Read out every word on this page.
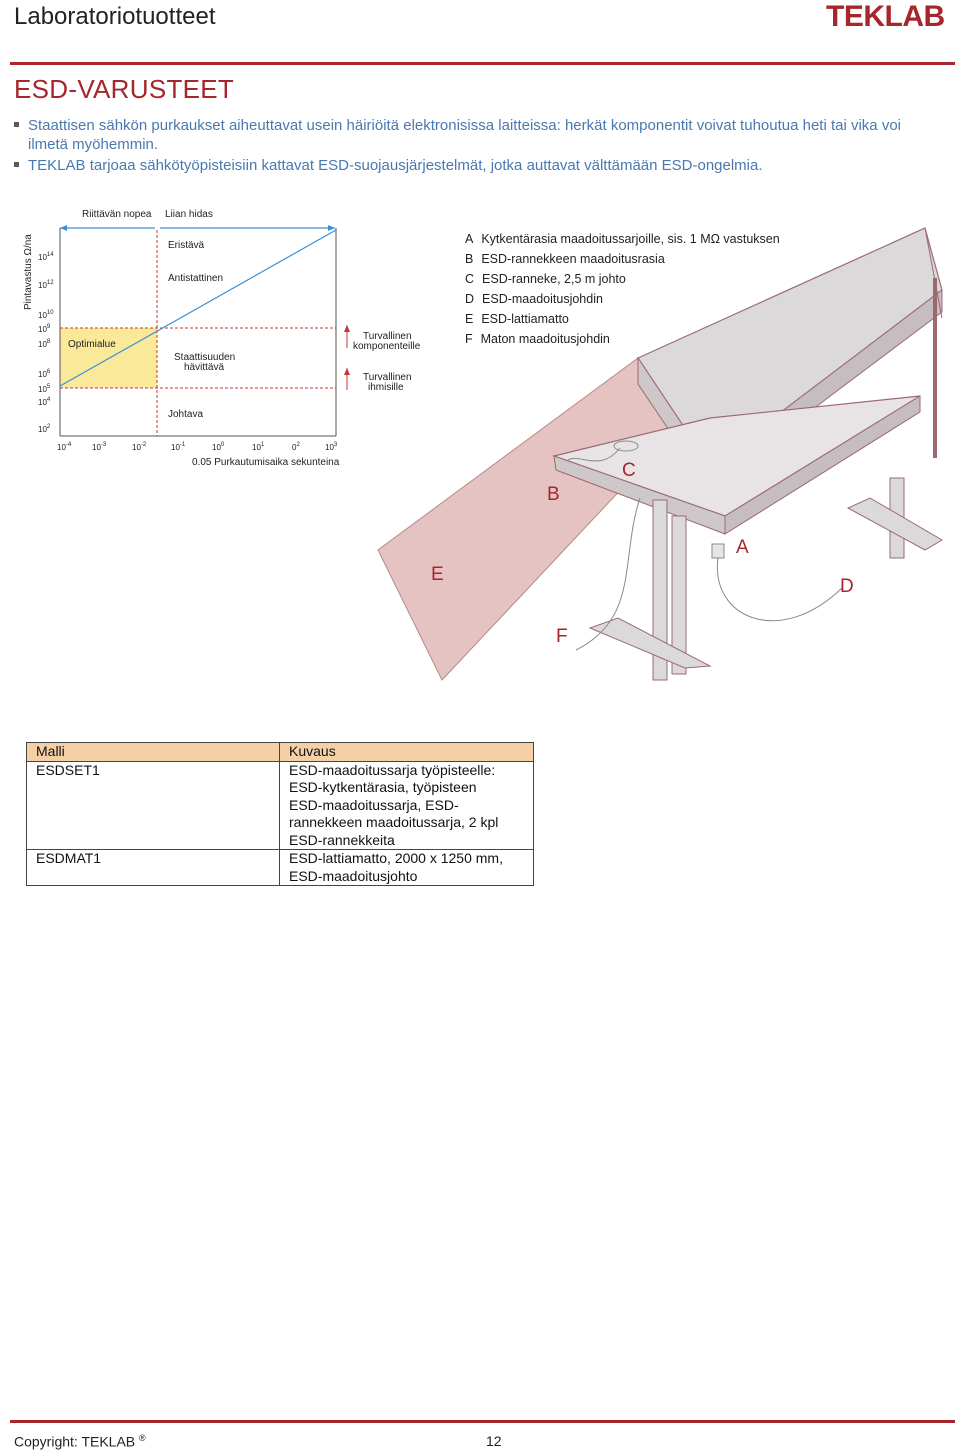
Laboratoriotuotteet	TEKLAB
ESD-VARUSTEET
Staattisen sähkön purkaukset aiheuttavat usein häiriöitä elektronisissa laitteissa: herkät komponentit voivat tuhoutua heti tai vika voi ilmetä myöhemmin.
TEKLAB tarjoaa sähkötyöpisteisiin kattavat ESD-suojausjärjestelmät, jotka auttavat välttämään ESD-ongelmia.
Riittävän nopea Liian hidas
Optimialue
Eristävä
Antistattinen
Staattisuuden
hävittävä
Johtava
Pintavastus Ω/na $10^{14}$
$10^{12}$
$10^{10}$
$10^9$
$10^8$
$10^6$
$10^5$
$10^4$
$10^2$
$10^{-4}$	$10^{-3}$	$10^{-2}$	$10^{-1}$	$10^0$	$10^1$	$0^2$	$10^3$
0.05 Purkautumisaika sekunteina
Turvallinen
komponenteille
Turvallinen
ihmisille
A Kytkentärasia maadoitussarjoille, sis. 1 MΩ vastuksen
B ESD-rannekkeen maadoitusrasia
C ESD-ranneke, 2,5 m johto
D ESD-maadoitusjohdin
E ESD-lattiamatto
F Maton maadoitusjohdin
A
B
C
D
E
F
Malli	Kuvaus
ESDSET1	ESD-maadoitussarja työpisteelle:
ESD-kytkentärasia, työpisteen
ESD-maadoitussarja, ESD-
rannekkeen maadoitussarja, 2 kpl
ESD-rannekkeita

ESDMAT1	ESD-lattiamatto, 2000 x 1250 mm,
ESD-maadoitusjohto
Copyright: TEKLAB ®	12
